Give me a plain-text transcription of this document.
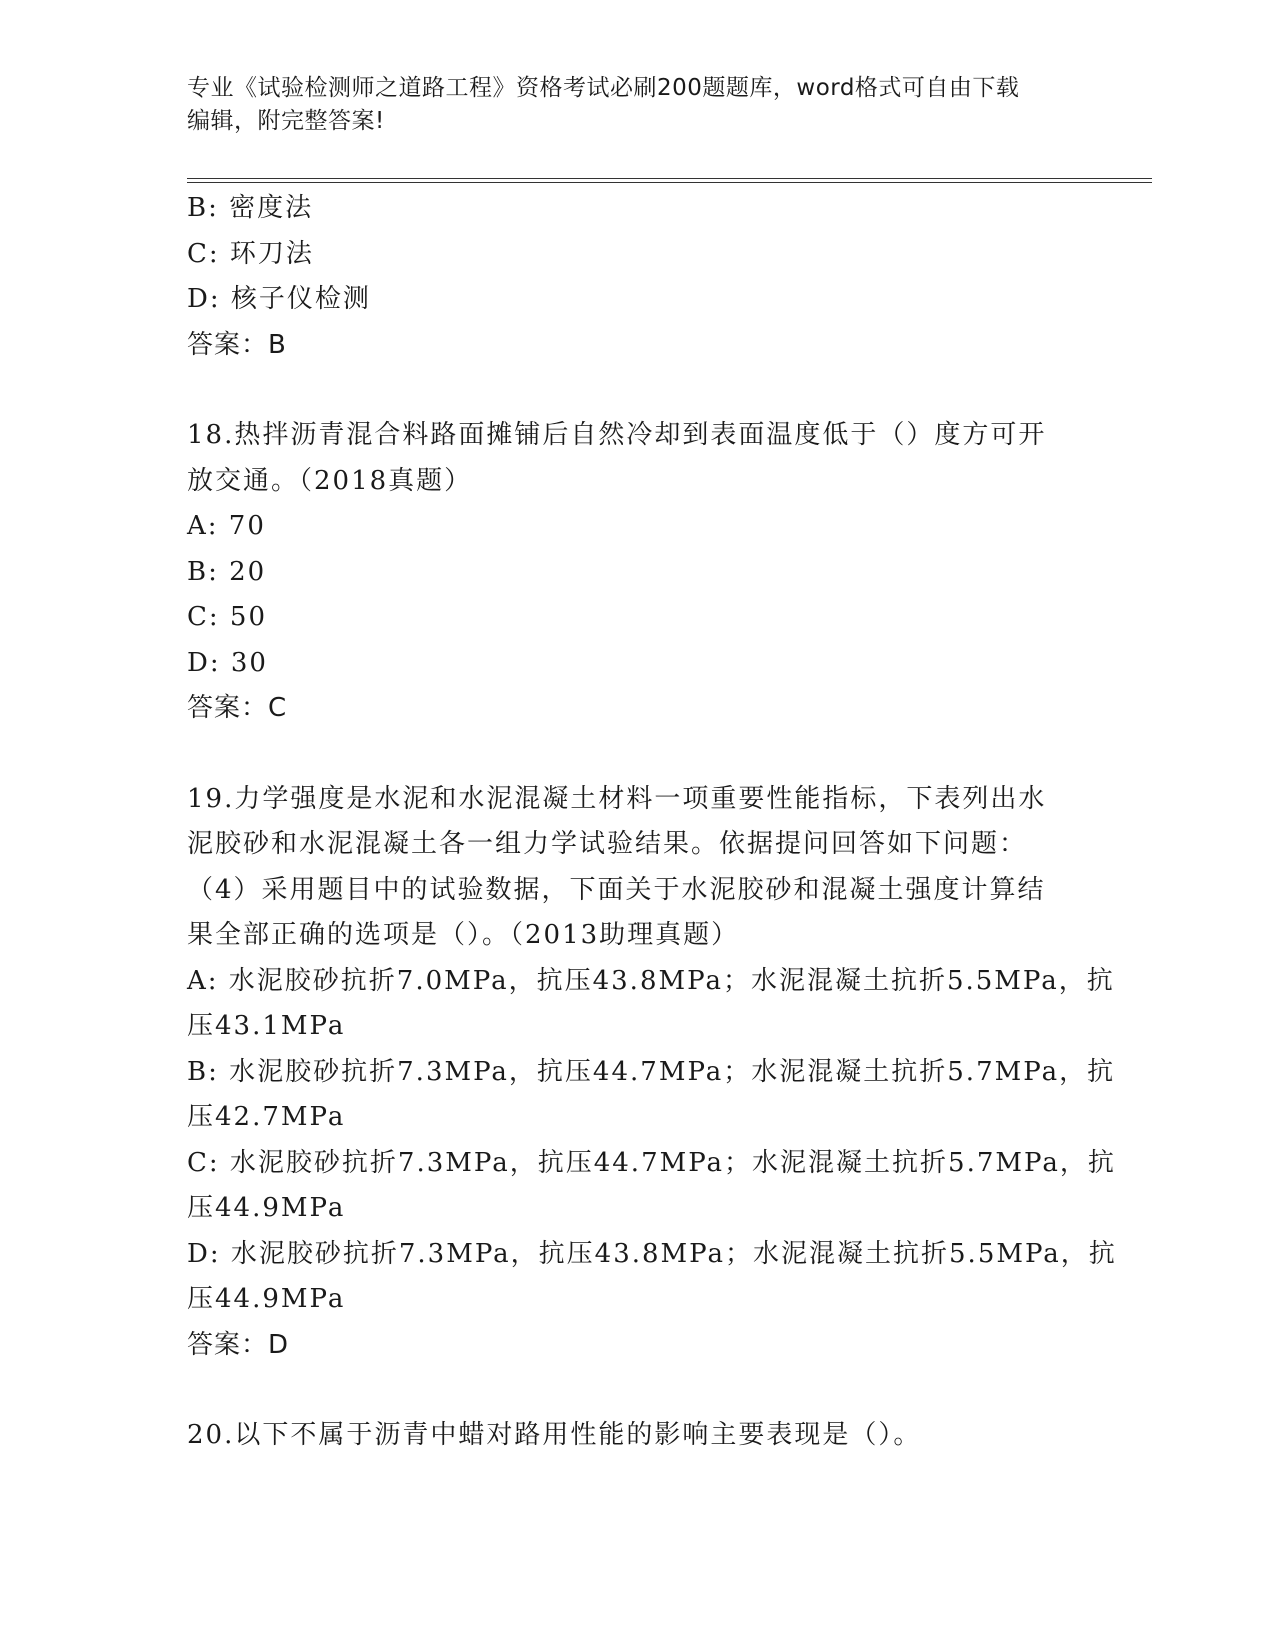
专业《试验检测师之道路工程》资格考试必刷200题题库，word格式可自由下载
编辑，附完整答案!
B: 密度法
C: 环刀法
D: 核子仪检测
答案：B
18.热拌沥青混合料路面摊铺后自然冷却到表面温度低于（）度方可开
放交通。（2018真题）
A: 70
B: 20
C: 50
D: 30
答案：C
19.力学强度是水泥和水泥混凝土材料一项重要性能指标，下表列出水
泥胶砂和水泥混凝土各一组力学试验结果。依据提问回答如下问题：
（4）采用题目中的试验数据，下面关于水泥胶砂和混凝土强度计算结
果全部正确的选项是（）。（2013助理真题）
A: 水泥胶砂抗折7.0MPa，抗压43.8MPa；水泥混凝土抗折5.5MPa，抗
压43.1MPa
B: 水泥胶砂抗折7.3MPa，抗压44.7MPa；水泥混凝土抗折5.7MPa，抗
压42.7MPa
C: 水泥胶砂抗折7.3MPa，抗压44.7MPa；水泥混凝土抗折5.7MPa，抗
压44.9MPa
D: 水泥胶砂抗折7.3MPa，抗压43.8MPa；水泥混凝土抗折5.5MPa，抗
压44.9MPa
答案：D
20.以下不属于沥青中蜡对路用性能的影响主要表现是（）。
